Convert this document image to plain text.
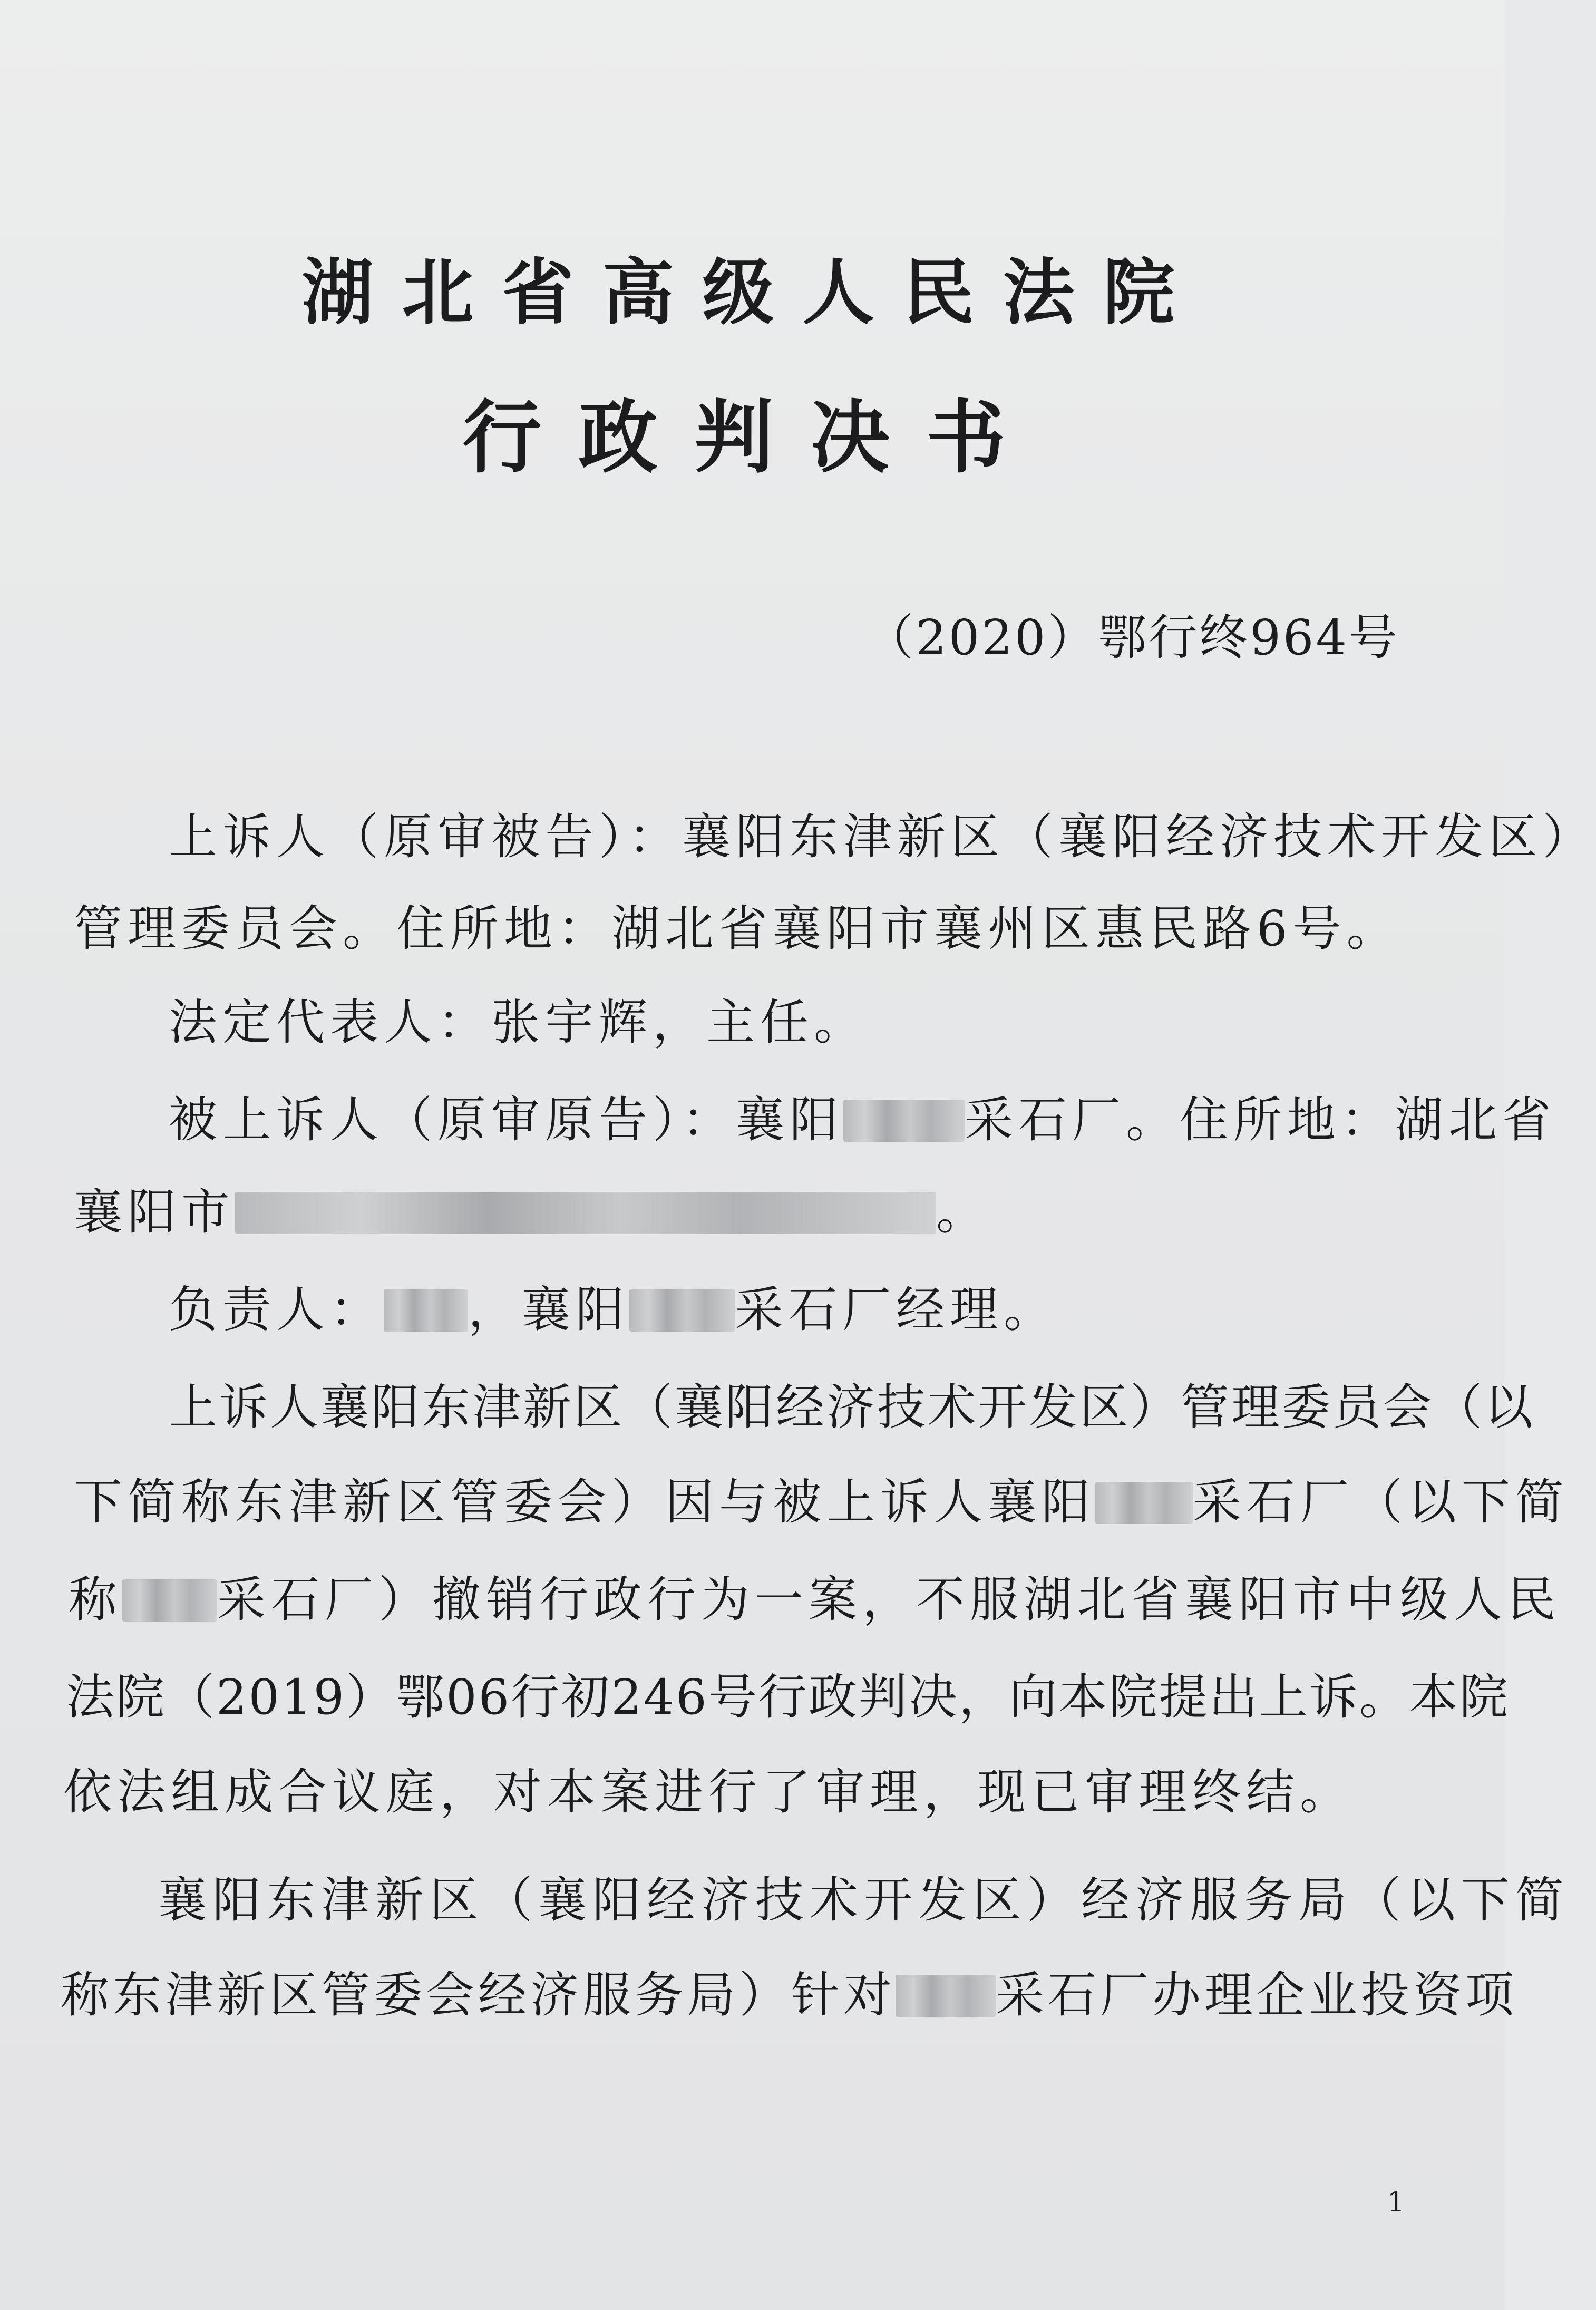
湖北省高级人民法院
行政判决书
（2020）鄂行终964号
上诉人（原审被告）：襄阳东津新区（襄阳经济技术开发区）
管理委员会。住所地：湖北省襄阳市襄州区惠民路6号。
法定代表人：张宇辉，主任。
被上诉人（原审原告）：襄阳	采石厂。住所地：湖北省
襄阳市	。
负责人： ，襄阳 采石厂经理。
上诉人襄阳东津新区（襄阳经济技术开发区）管理委员会（以
下简称东津新区管委会）因与被上诉人襄阳 采石厂（以下简
称 采石厂）撤销行政行为一案，不服湖北省襄阳市中级人民
法院（2019）鄂06行初246号行政判决，向本院提出上诉。本院
依法组成合议庭，对本案进行了审理，现已审理终结。
襄阳东津新区（襄阳经济技术开发区）经济服务局（以下简
称东津新区管委会经济服务局）针对 采石厂办理企业投资项
1
